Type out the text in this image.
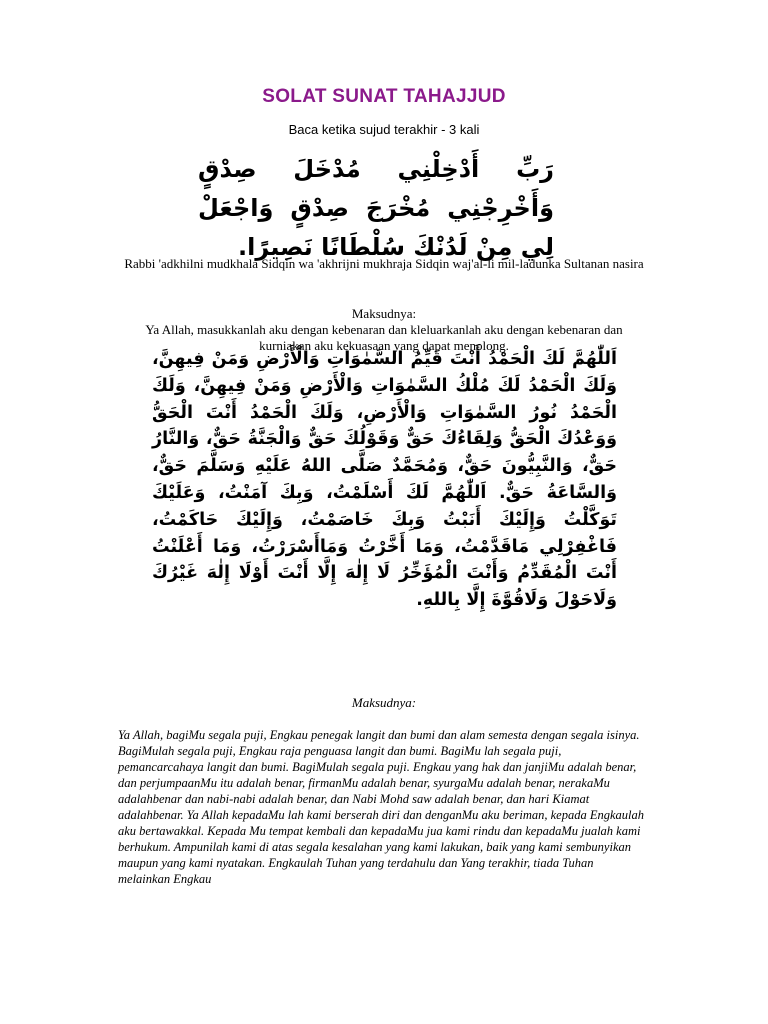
SOLAT SUNAT TAHAJJUD
Baca ketika sujud terakhir - 3 kali
رَبِّ أَدْخِلْنِي مُدْخَلَ صِدْقٍ وَأَخْرِجْنِي مُخْرَجَ صِدْقٍ وَاجْعَلْ لِي مِنْ لَدُنْكَ سُلْطَانًا نَصِيرًا.
Rabbi 'adkhilni mudkhala Sidqin wa 'akhrijni mukhraja Sidqin waj'al-li mil-ladunka Sultanan nasira
Maksudnya:
Ya Allah, masukkanlah aku dengan kebenaran dan kleluarkanlah aku dengan kebenaran dan kurniakan aku kekuasaan yang dapat menolong.
اَللّٰهُمَّ لَكَ الْحَمْدُ أَنْتَ قَيِّمُ السَّمٰوَاتِ وَالْأَرْضِ وَمَنْ فِيهِنَّ، وَلَكَ الْحَمْدُ لَكَ مُلْكُ السَّمٰوَاتِ وَالْأَرْضِ وَمَنْ فِيهِنَّ، وَلَكَ الْحَمْدُ نُورُ السَّمٰوَاتِ وَالْأَرْضِ، وَلَكَ الْحَمْدُ أَنْتَ الْحَقُّ وَوَعْدُكَ الْحَقُّ وَلِقَاءُكَ حَقٌّ وَقَوْلُكَ حَقٌّ وَالْجَنَّةُ حَقٌّ، وَالنَّارُ حَقٌّ، وَالنَّبِيُّونَ حَقٌّ، وَمُحَمَّدٌ صَلَّى اللهُ عَلَيْهِ وَسَلَّمَ حَقٌّ، وَالسَّاعَةُ حَقٌّ. اَللّٰهُمَّ لَكَ أَسْلَمْتُ، وَبِكَ آمَنْتُ، وَعَلَيْكَ تَوَكَّلْتُ وَإِلَيْكَ أَنَبْتُ وَبِكَ خَاصَمْتُ، وَإِلَيْكَ حَاكَمْتُ، فَاغْفِرْلِي مَاقَدَّمْتُ، وَمَا أَخَّرْتُ وَمَاأَسْرَرْتُ، وَمَا أَعْلَنْتُ أَنْتَ الْمُقَدِّمُ وَأَنْتَ الْمُؤَخِّرُ لَا إِلٰهَ إِلَّا أَنْتَ أَوْلَا إِلٰهَ غَيْرُكَ وَلَاحَوْلَ وَلَاقُوَّةَ إِلَّا بِاللهِ.
Maksudnya:
Ya Allah, bagiMu segala puji, Engkau penegak langit dan bumi dan alam semesta dengan segala isinya. BagiMulah segala puji, Engkau raja penguasa langit dan bumi. BagiMu lah segala puji, pemancarcahaya langit dan bumi. BagiMulah segala puji. Engkau yang hak dan janjiMu adalah benar, dan perjumpaanMu itu adalah benar, firmanMu adalah benar, syurgaMu adalah benar, nerakaMu adalahbenar dan nabi-nabi adalah benar, dan Nabi Mohd saw adalah benar, dan hari Kiamat adalahbenar. Ya Allah kepadaMu lah kami berserah diri dan denganMu aku beriman, kepada Engkaulah aku bertawakkal. Kepada Mu tempat kembali dan kepadaMu jua kami rindu dan kepadaMu jualah kami berhukum. Ampunilah kami di atas segala kesalahan yang kami lakukan, baik yang kami sembunyikan maupun yang kami nyatakan. Engkaulah Tuhan yang terdahulu dan Yang terakhir, tiada Tuhan melainkan Engkau
